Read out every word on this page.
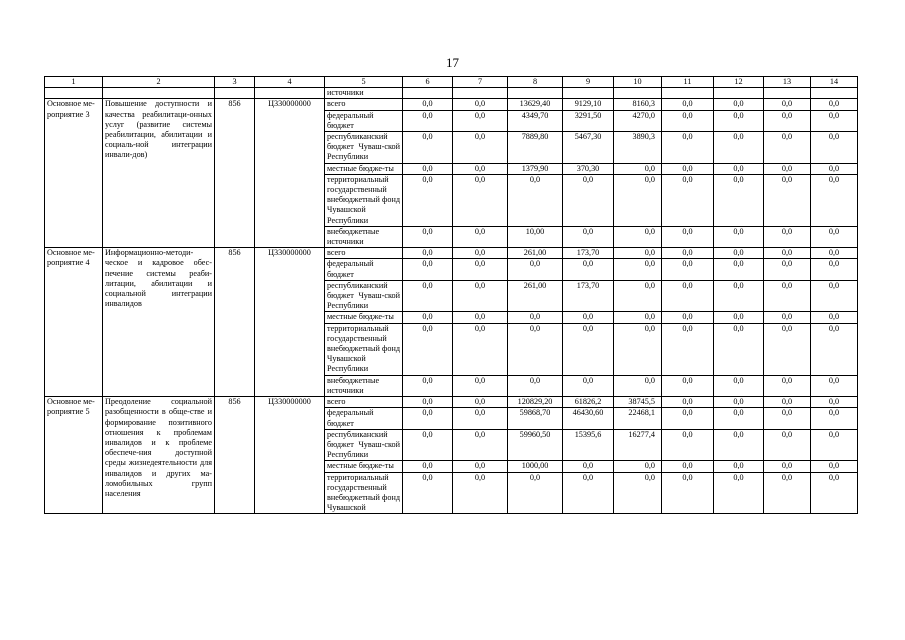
17
1	2	3	4	5	6	7	8	9	10	11	12	13	14
				источники									
Основное ме-роприятие 3	Повышение доступности и качества реабилитаци-онных услуг (развитие системы реабилитации, абилитации и социаль-ной интеграции инвали-дов)	856	Ц330000000	всего	0,0	0,0	13629,40	9129,10	8160,3	0,0	0,0	0,0	0,0
				федеральный бюджет	0,0	0,0	4349,70	3291,50	4270,0	0,0	0,0	0,0	0,0
				республиканский бюджет Чуваш-ской Республики	0,0	0,0	7889,80	5467,30	3890,3	0,0	0,0	0,0	0,0
				местные бюдже-ты	0,0	0,0	1379,90	370,30	0,0	0,0	0,0	0,0	0,0
				территориальный государственный внебюджетный фонд Чувашской Республики	0,0	0,0	0,0	0,0	0,0	0,0	0,0	0,0	0,0
				внебюджетные источники	0,0	0,0	10,00	0,0	0,0	0,0	0,0	0,0	0,0
Основное ме-роприятие 4	Информационно-методи-ческое и кадровое обес-печение системы реаби-литации, абилитации и социальной интеграции инвалидов	856	Ц330000000	всего	0,0	0,0	261,00	173,70	0,0	0,0	0,0	0,0	0,0
				федеральный бюджет	0,0	0,0	0,0	0,0	0,0	0,0	0,0	0,0	0,0
				республиканский бюджет Чуваш-ской Республики	0,0	0,0	261,00	173,70	0,0	0,0	0,0	0,0	0,0
				местные бюдже-ты	0,0	0,0	0,0	0,0	0,0	0,0	0,0	0,0	0,0
				территориальный государственный внебюджетный фонд Чувашской Республики	0,0	0,0	0,0	0,0	0,0	0,0	0,0	0,0	0,0
				внебюджетные источники	0,0	0,0	0,0	0,0	0,0	0,0	0,0	0,0	0,0
Основное ме-роприятие 5	Преодоление социальной разобщенности в обще-стве и формирование позитивного отношения к проблемам инвалидов и к проблеме обеспече-ния доступной среды жизнедеятельности для инвалидов и других ма-ломобильных групп населения	856	Ц330000000	всего	0,0	0,0	120829,20	61826,2	38745,5	0,0	0,0	0,0	0,0
				федеральный бюджет	0,0	0,0	59868,70	46430,60	22468,1	0,0	0,0	0,0	0,0
				республиканский бюджет Чуваш-ской Республики	0,0	0,0	59960,50	15395,6	16277,4	0,0	0,0	0,0	0,0
				местные бюдже-ты	0,0	0,0	1000,00	0,0	0,0	0,0	0,0	0,0	0,0
				территориальный государственный внебюджетный фонд Чувашской	0,0	0,0	0,0	0,0	0,0	0,0	0,0	0,0	0,0
